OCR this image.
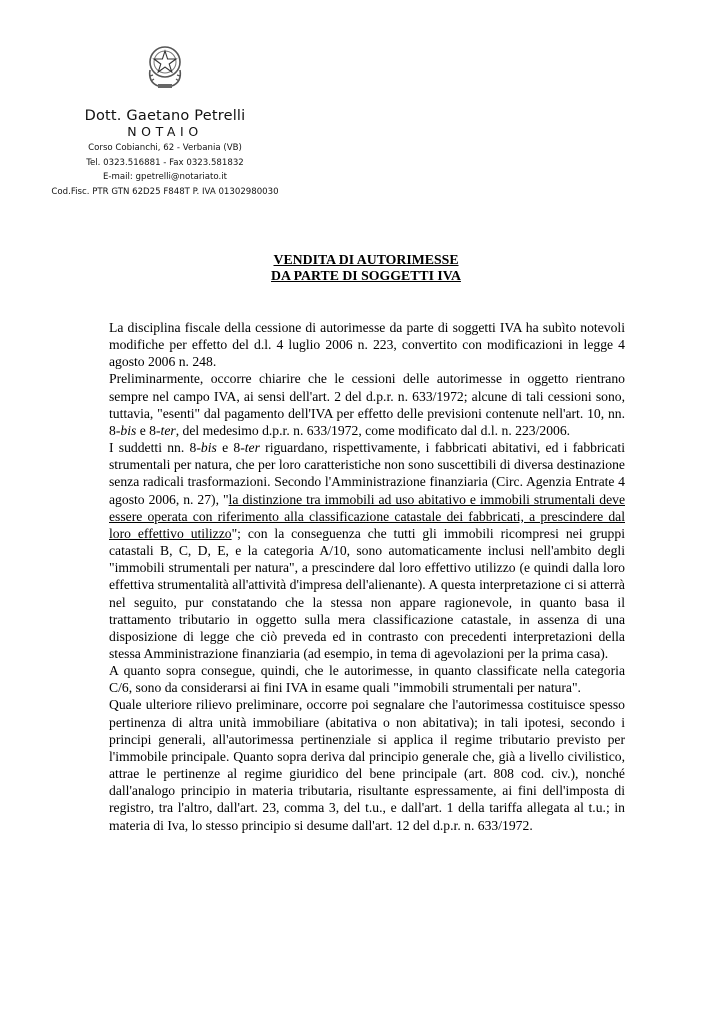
Dott. Gaetano Petrelli
NOTAIO
Corso Cobianchi, 62 - Verbania (VB)
Tel. 0323.516881 - Fax 0323.581832
E-mail: gpetrelli@notariato.it
Cod.Fisc. PTR GTN 62D25 F848T P. IVA 01302980030
VENDITA DI AUTORIMESSE
DA PARTE DI SOGGETTI IVA

La disciplina fiscale della cessione di autorimesse da parte di soggetti IVA ha subìto notevoli modifiche per effetto del d.l. 4 luglio 2006 n. 223, convertito con modificazioni in legge 4 agosto 2006 n. 248.

Preliminarmente, occorre chiarire che le cessioni delle autorimesse in oggetto rientrano sempre nel campo IVA, ai sensi dell'art. 2 del d.p.r. n. 633/1972; alcune di tali cessioni sono, tuttavia, "esenti" dal pagamento dell'IVA per effetto delle previsioni contenute nell'art. 10, nn. 8-bis e 8-ter, del medesimo d.p.r. n. 633/1972, come modificato dal d.l. n. 223/2006.

I suddetti nn. 8-bis e 8-ter riguardano, rispettivamente, i fabbricati abitativi, ed i fabbricati strumentali per natura, che per loro caratteristiche non sono suscettibili di diversa destinazione senza radicali trasformazioni. Secondo l'Amministrazione finanziaria (Circ. Agenzia Entrate 4 agosto 2006, n. 27), "la distinzione tra immobili ad uso abitativo e immobili strumentali deve essere operata con riferimento alla classificazione catastale dei fabbricati, a prescindere dal loro effettivo utilizzo"; con la conseguenza che tutti gli immobili ricompresi nei gruppi catastali B, C, D, E, e la categoria A/10, sono automaticamente inclusi nell'ambito degli "immobili strumentali per natura", a prescindere dal loro effettivo utilizzo (e quindi dalla loro effettiva strumentalità all'attività d'impresa dell'alienante). A questa interpretazione ci si atterrà nel seguito, pur constatando che la stessa non appare ragionevole, in quanto basa il trattamento tributario in oggetto sulla mera classificazione catastale, in assenza di una disposizione di legge che ciò preveda ed in contrasto con precedenti interpretazioni della stessa Amministrazione finanziaria (ad esempio, in tema di agevolazioni per la prima casa).

A quanto sopra consegue, quindi, che le autorimesse, in quanto classificate nella categoria C/6, sono da considerarsi ai fini IVA in esame quali "immobili strumentali per natura".

Quale ulteriore rilievo preliminare, occorre poi segnalare che l'autorimessa costituisce spesso pertinenza di altra unità immobiliare (abitativa o non abitativa); in tali ipotesi, secondo i principi generali, all'autorimessa pertinenziale si applica il regime tributario previsto per l'immobile principale. Quanto sopra deriva dal principio generale che, già a livello civilistico, attrae le pertinenze al regime giuridico del bene principale (art. 808 cod. civ.), nonché dall'analogo principio in materia tributaria, risultante espressamente, ai fini dell'imposta di registro, tra l'altro, dall'art. 23, comma 3, del t.u., e dall'art. 1 della tariffa allegata al t.u.; in materia di Iva, lo stesso principio si desume dall'art. 12 del d.p.r. n. 633/1972.
